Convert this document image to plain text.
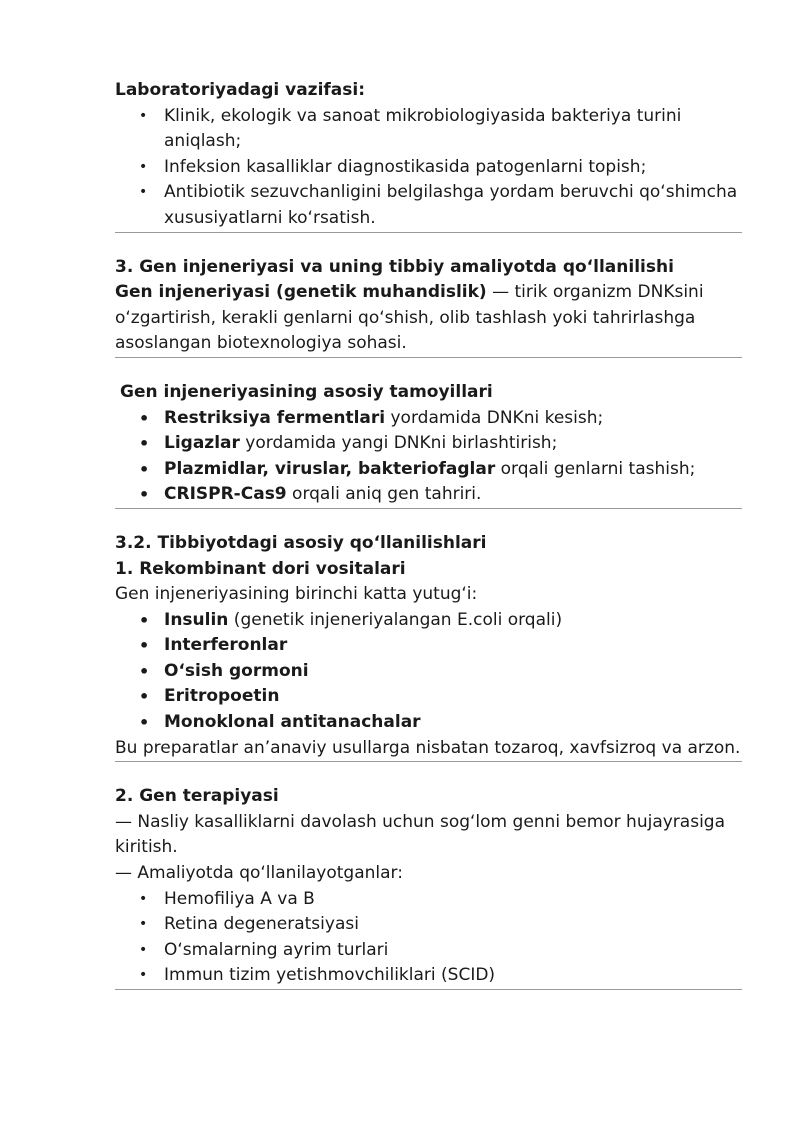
Laboratoriyadagi vazifasi:
• Klinik, ekologik va sanoat mikrobiologiyasida bakteriya turini aniqlash;
• Infeksion kasalliklar diagnostikasida patogenlarni topish;
• Antibiotik sezuvchanligini belgilashga yordam beruvchi qo‘shimcha xususiyatlarni ko‘rsatish.
3. Gen injeneriyasi va uning tibbiy amaliyotda qo‘llanilishi
Gen injeneriyasi (genetik muhandislik) — tirik organizm DNKsini o‘zgartirish, kerakli genlarni qo‘shish, olib tashlash yoki tahrirlashga asoslangan biotexnologiya sohasi.
Gen injeneriyasining asosiy tamoyillari
• Restriksiya fermentlari yordamida DNKni kesish;
• Ligazlar yordamida yangi DNKni birlashtirish;
• Plazmidlar, viruslar, bakteriofaglar orqali genlarni tashish;
• CRISPR-Cas9 orqali aniq gen tahriri.
3.2. Tibbiyotdagi asosiy qo‘llanilishlari
1. Rekombinant dori vositalari
Gen injeneriyasining birinchi katta yutug‘i:
• Insulin (genetik injeneriyalangan E.coli orqali)
• Interferonlar
• O‘sish gormoni
• Eritropoetin
• Monoklonal antitanachalar
Bu preparatlar an’anaviy usullarga nisbatan tozaroq, xavfsizroq va arzon.
2. Gen terapiyasi
— Nasliy kasalliklarni davolash uchun sog‘lom genni bemor hujayrasiga kiritish.
— Amaliyotda qo‘llanilayotganlar:
• Hemofiliya A va B
• Retina degeneratsiyasi
• O‘smalarning ayrim turlari
• Immun tizim yetishmovchiliklari (SCID)
